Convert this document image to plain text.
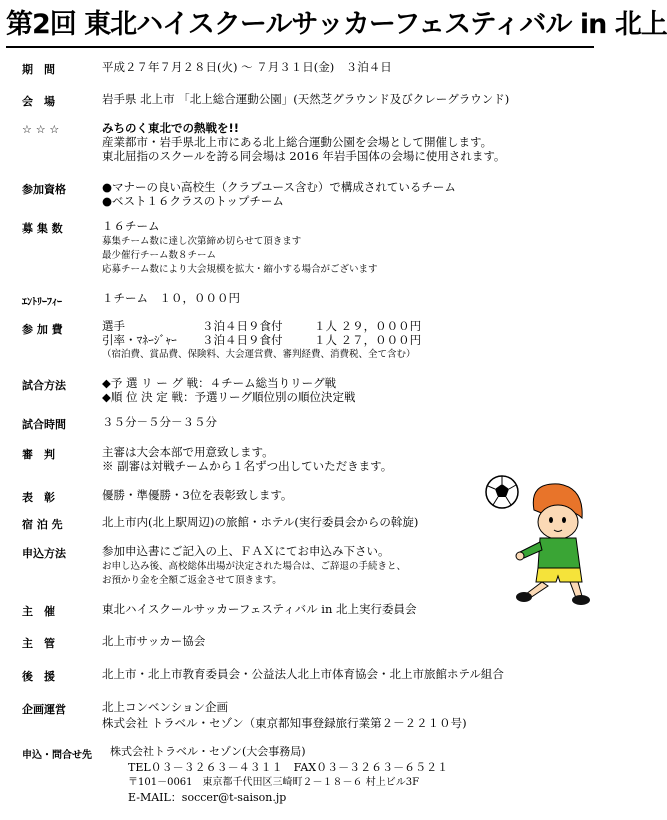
第2回 東北ハイスクールサッカーフェスティバル in 北上
期　間	平成２７年７月２８日(火) ～ ７月３１日(金)　３泊４日
会　場	岩手県 北上市 「北上総合運動公園」(天然芝グラウンド及びクレーグラウンド)
☆ ☆ ☆	みちのく東北での熱戦を!!
産業都市・岩手県北上市にある北上総合運動公園を会場として開催します。
東北屈指のスクールを誇る同会場は 2016 年岩手国体の会場に使用されます。
参加資格	●マナーの良い高校生（クラブユース含む）で構成されているチーム
●ベスト１６クラスのトップチーム
募 集 数	１６チーム
募集チーム数に達し次第締め切らせて頂きます
最少催行チーム数８チーム
応募チーム数により大会規模を拡大・縮小する場合がございます
ｴﾝﾄﾘｰﾌｨｰ	１チーム　１０，０００円
参 加 費	選手	３泊４日９食付	１人 ２９，０００円
引率・ﾏﾈｰｼﾞｬｰ ３泊４日９食付	１人 ２７，０００円
（宿泊費、賞品費、保険料、大会運営費、審判経費、消費税、全て含む）
試合方法	◆予 選 リ ー グ 戦：４チーム総当りリーグ戦
◆順 位 決 定 戦：予選リーグ順位別の順位決定戦
試合時間	３５分－５分－３５分
審　判	主審は大会本部で用意致します。
※ 副審は対戦チームから１名ずつ出していただきます。
表　彰	優勝・準優勝・3位を表彰致します。
宿 泊 先	北上市内(北上駅周辺)の旅館・ホテル(実行委員会からの斡旋)
申込方法	参加申込書にご記入の上、ＦＡＸにてお申込み下さい。
お申し込み後、高校総体出場が決定された場合は、ご辞退の手続きと、
お預かり金を全額ご返金させて頂きます。
主　催	東北ハイスクールサッカーフェスティバル in 北上実行委員会
主　管	北上市サッカー協会
後　援	北上市・北上市教育委員会・公益法人北上市体育協会・北上市旅館ホテル組合
企画運営	北上コンベンション企画
株式会社 トラベル・セゾン（東京都知事登録旅行業第２－２２１０号)
申込・問合せ先 株式会社トラベル・セゾン(大会事務局)
TEL０３－３２６３－４３１１　FAX０３－３２６３－６５２１
〒101－0061　東京都千代田区三崎町２－１８－６ 村上ビル3F
E-MAIL：soccer@t-saison.jp
